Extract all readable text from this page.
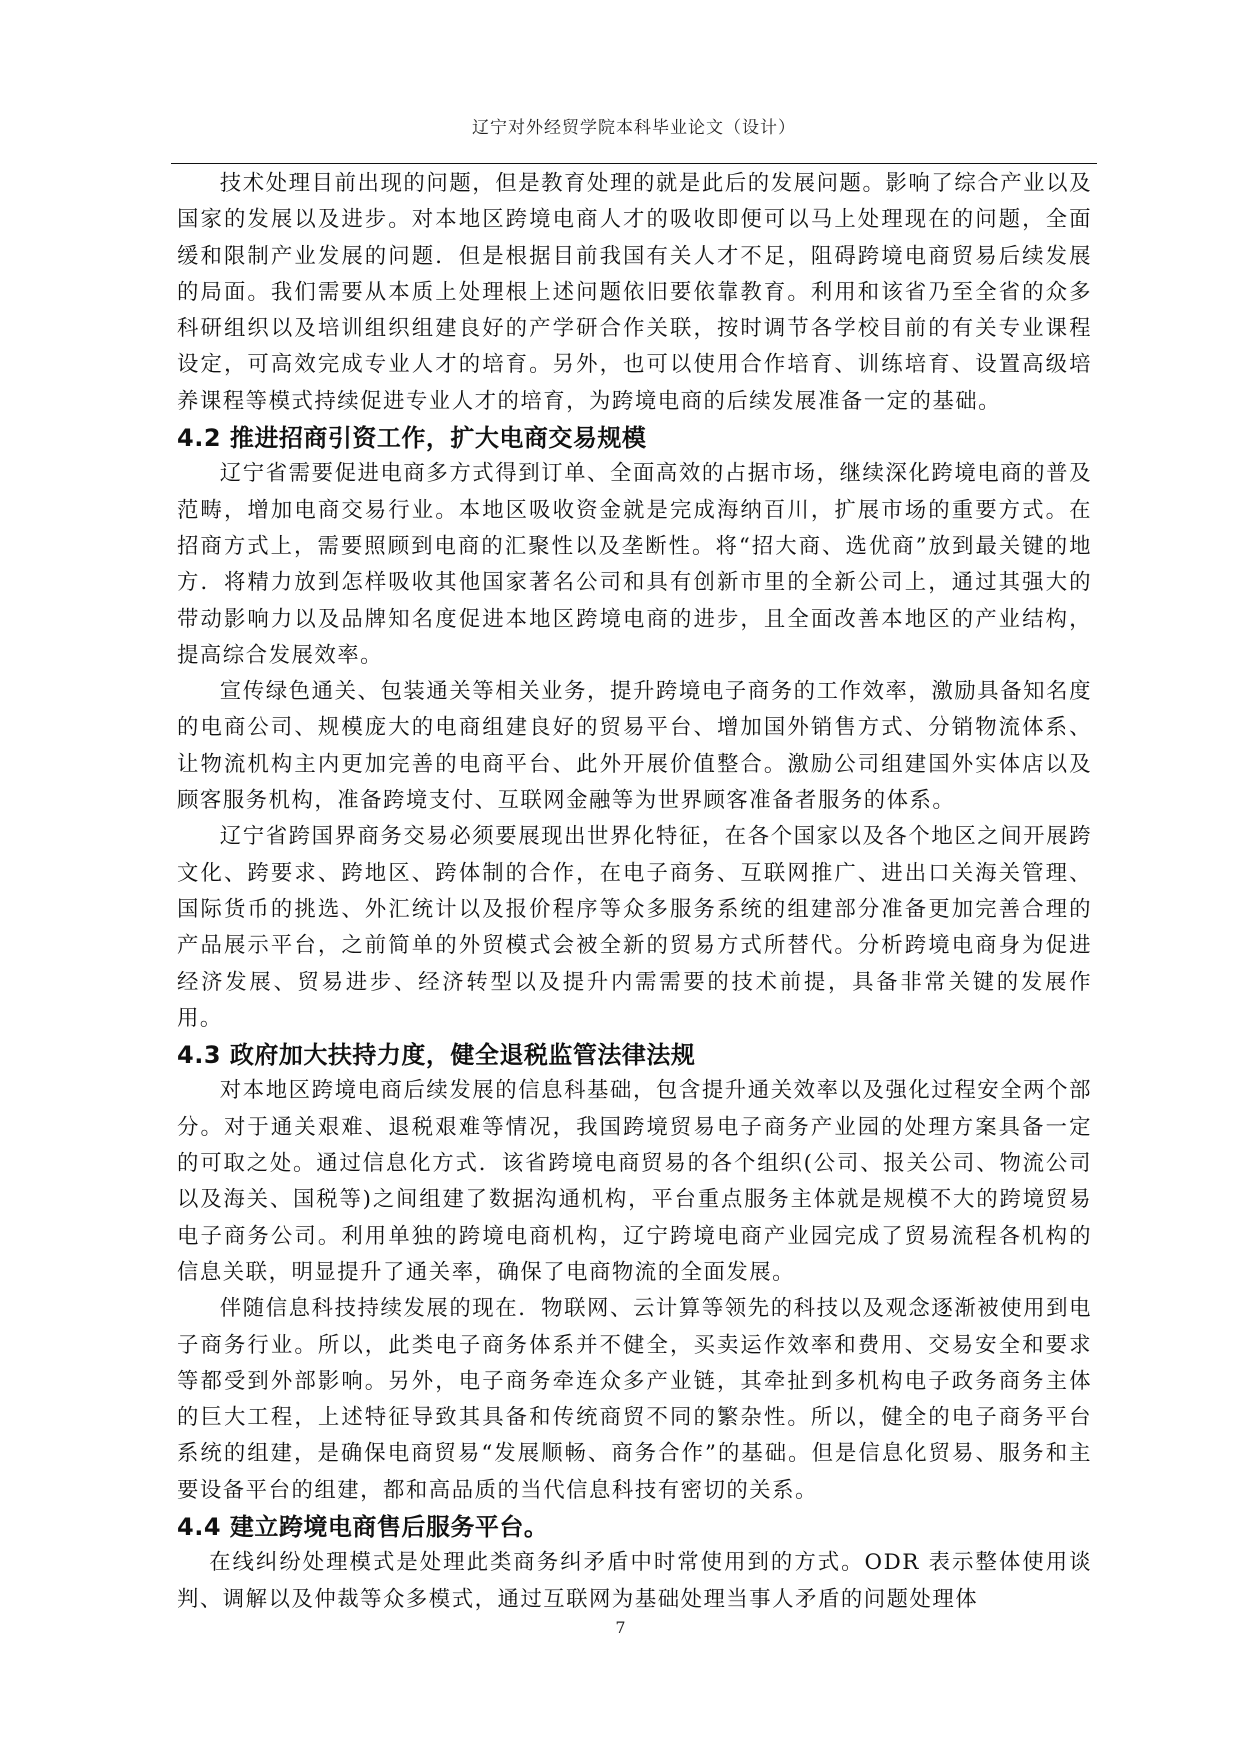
辽宁对外经贸学院本科毕业论文（设计）

技术处理目前出现的问题，但是教育处理的就是此后的发展问题。影响了综合产业以及国家的发展以及进步。对本地区跨境电商人才的吸收即便可以马上处理现在的问题，全面缓和限制产业发展的问题．但是根据目前我国有关人才不足，阻碍跨境电商贸易后续发展的局面。我们需要从本质上处理根上述问题依旧要依靠教育。利用和该省乃至全省的众多科研组织以及培训组织组建良好的产学研合作关联，按时调节各学校目前的有关专业课程设定，可高效完成专业人才的培育。另外，也可以使用合作培育、训练培育、设置高级培养课程等模式持续促进专业人才的培育，为跨境电商的后续发展准备一定的基础。

4.2 推进招商引资工作，扩大电商交易规模

辽宁省需要促进电商多方式得到订单、全面高效的占据市场，继续深化跨境电商的普及范畴，增加电商交易行业。本地区吸收资金就是完成海纳百川，扩展市场的重要方式。在招商方式上，需要照顾到电商的汇聚性以及垄断性。将“招大商、选优商”放到最关键的地方．将精力放到怎样吸收其他国家著名公司和具有创新市里的全新公司上，通过其强大的带动影响力以及品牌知名度促进本地区跨境电商的进步，且全面改善本地区的产业结构，提高综合发展效率。

宣传绿色通关、包装通关等相关业务，提升跨境电子商务的工作效率，激励具备知名度的电商公司、规模庞大的电商组建良好的贸易平台、增加国外销售方式、分销物流体系、让物流机构主内更加完善的电商平台、此外开展价值整合。激励公司组建国外实体店以及顾客服务机构，准备跨境支付、互联网金融等为世界顾客准备者服务的体系。

辽宁省跨国界商务交易必须要展现出世界化特征，在各个国家以及各个地区之间开展跨文化、跨要求、跨地区、跨体制的合作，在电子商务、互联网推广、进出口关海关管理、国际货币的挑选、外汇统计以及报价程序等众多服务系统的组建部分准备更加完善合理的产品展示平台，之前简单的外贸模式会被全新的贸易方式所替代。分析跨境电商身为促进经济发展、贸易进步、经济转型以及提升内需需要的技术前提，具备非常关键的发展作用。

4.3 政府加大扶持力度，健全退税监管法律法规

对本地区跨境电商后续发展的信息科基础，包含提升通关效率以及强化过程安全两个部分。对于通关艰难、退税艰难等情况，我国跨境贸易电子商务产业园的处理方案具备一定的可取之处。通过信息化方式．该省跨境电商贸易的各个组织(公司、报关公司、物流公司以及海关、国税等)之间组建了数据沟通机构，平台重点服务主体就是规模不大的跨境贸易电子商务公司。利用单独的跨境电商机构，辽宁跨境电商产业园完成了贸易流程各机构的信息关联，明显提升了通关率，确保了电商物流的全面发展。

伴随信息科技持续发展的现在．物联网、云计算等领先的科技以及观念逐渐被使用到电子商务行业。所以，此类电子商务体系并不健全，买卖运作效率和费用、交易安全和要求等都受到外部影响。另外，电子商务牵连众多产业链，其牵扯到多机构电子政务商务主体的巨大工程，上述特征导致其具备和传统商贸不同的繁杂性。所以，健全的电子商务平台系统的组建，是确保电商贸易“发展顺畅、商务合作”的基础。但是信息化贸易、服务和主要设备平台的组建，都和高品质的当代信息科技有密切的关系。

4.4 建立跨境电商售后服务平台。

在线纠纷处理模式是处理此类商务纠矛盾中时常使用到的方式。ODR 表示整体使用谈判、调解以及仲裁等众多模式，通过互联网为基础处理当事人矛盾的问题处理体

7
